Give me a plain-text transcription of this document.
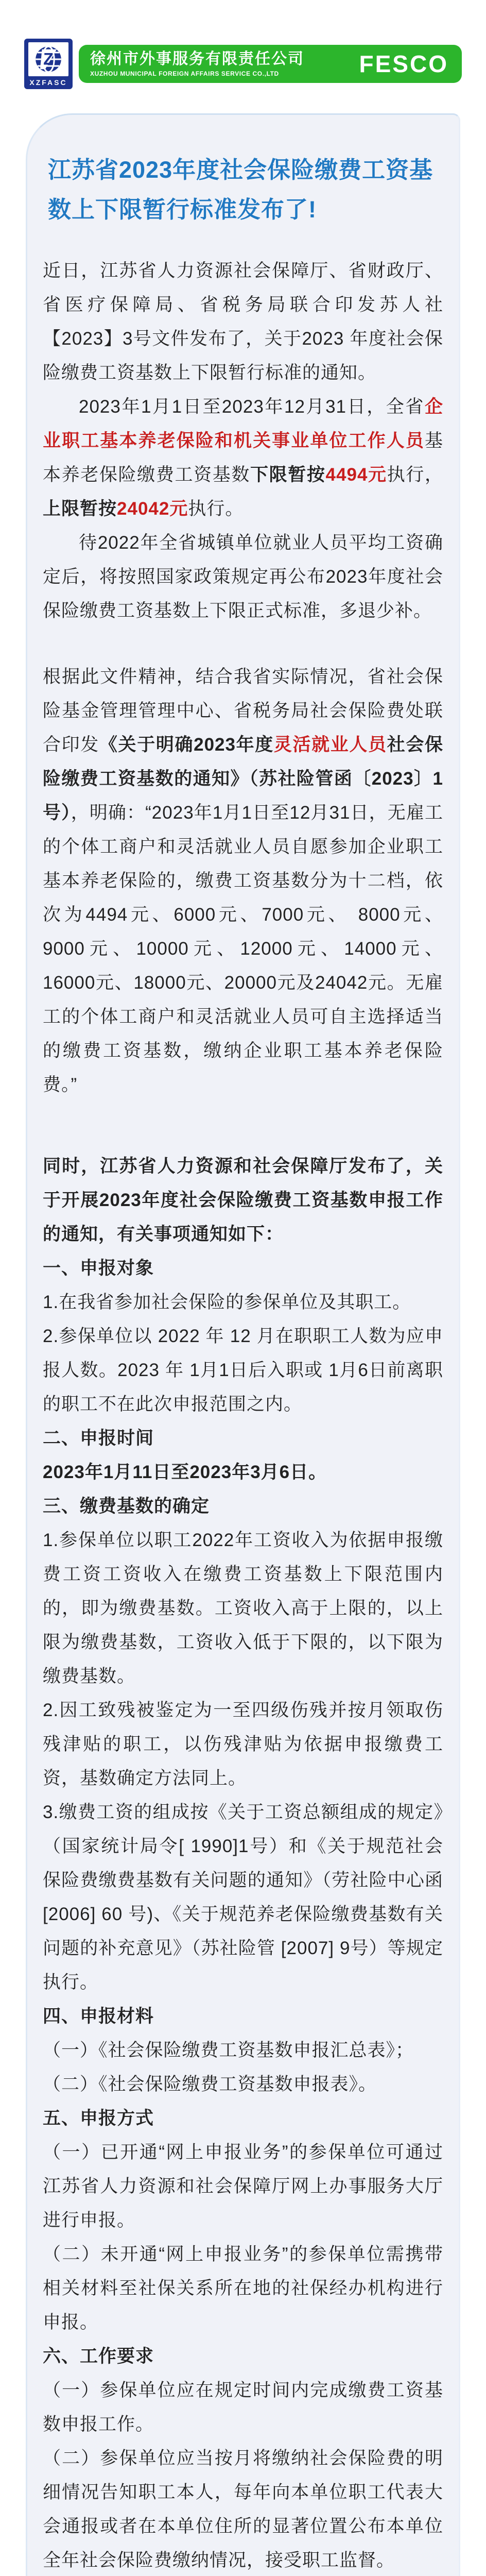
Z
XZFASC
徐州市外事服务有限责任公司
XUZHOU MUNICIPAL FOREIGN AFFAIRS SERVICE CO.,LTD	FESCO
江苏省2023年度社会保险缴费工资基数上下限暂行标准发布了!

近日，江苏省人力资源社会保障厅、省财政厅、省医疗保障局、省税务局联合印发苏人社【2023】3号文件发布了，关于2023 年度社会保险缴费工资基数上下限暂行标准的通知。

2023年1月1日至2023年12月31日，全省企业职工基本养老保险和机关事业单位工作人员基本养老保险缴费工资基数下限暂按4494元执行，上限暂按24042元执行。

待2022年全省城镇单位就业人员平均工资确定后，将按照国家政策规定再公布2023年度社会保险缴费工资基数上下限正式标准，多退少补。

根据此文件精神，结合我省实际情况，省社会保险基金管理管理中心、省税务局社会保险费处联合印发《关于明确2023年度灵活就业人员社会保险缴费工资基数的通知》（苏社险管函〔2023〕1号），明确：“2023年1月1日至12月31日，无雇工的个体工商户和灵活就业人员自愿参加企业职工基本养老保险的，缴费工资基数分为十二档，依次为4494元、6000元、7000元、 8000元、9000元、10000元、12000元、14000元、16000元、18000元、20000元及24042元。无雇工的个体工商户和灵活就业人员可自主选择适当的缴费工资基数，缴纳企业职工基本养老保险费。”

同时，江苏省人力资源和社会保障厅发布了，关于开展2023年度社会保险缴费工资基数申报工作的通知，有关事项通知如下：

一、申报对象

1.在我省参加社会保险的参保单位及其职工。

2.参保单位以 2022 年 12 月在职职工人数为应申报人数。2023 年 1月1日后入职或 1月6日前离职的职工不在此次申报范围之内。

二、申报时间

2023年1月11日至2023年3月6日。

三、缴费基数的确定

1.参保单位以职工2022年工资收入为依据申报缴费工资工资收入在缴费工资基数上下限范围内的，即为缴费基数。工资收入高于上限的，以上限为缴费基数，工资收入低于下限的，以下限为缴费基数。

2.因工致残被鉴定为一至四级伤残并按月领取伤残津贴的职工，以伤残津贴为依据申报缴费工资，基数确定方法同上。

3.缴费工资的组成按《关于工资总额组成的规定》（国家统计局令[ 1990]1号）和《关于规范社会保险费缴费基数有关问题的通知》（劳社险中心函 [2006] 60 号)、《关于规范养老保险缴费基数有关问题的补充意见》（苏社险管 [2007] 9号）等规定执行。

四、申报材料

（一）《社会保险缴费工资基数申报汇总表》；

（二）《社会保险缴费工资基数申报表》。

五、申报方式

（一）已开通“网上申报业务”的参保单位可通过江苏省人力资源和社会保障厅网上办事服务大厅进行申报。

（二）未开通“网上申报业务”的参保单位需携带相关材料至社保关系所在地的社保经办机构进行申报。

六、工作要求

（一）参保单位应在规定时间内完成缴费工资基数申报工作。

（二）参保单位应当按月将缴纳社会保险费的明细情况告知职工本人，每年向本单位职工代表大会通报或者在本单位住所的显著位置公布本单位全年社会保险费缴纳情况，接受职工监督。
